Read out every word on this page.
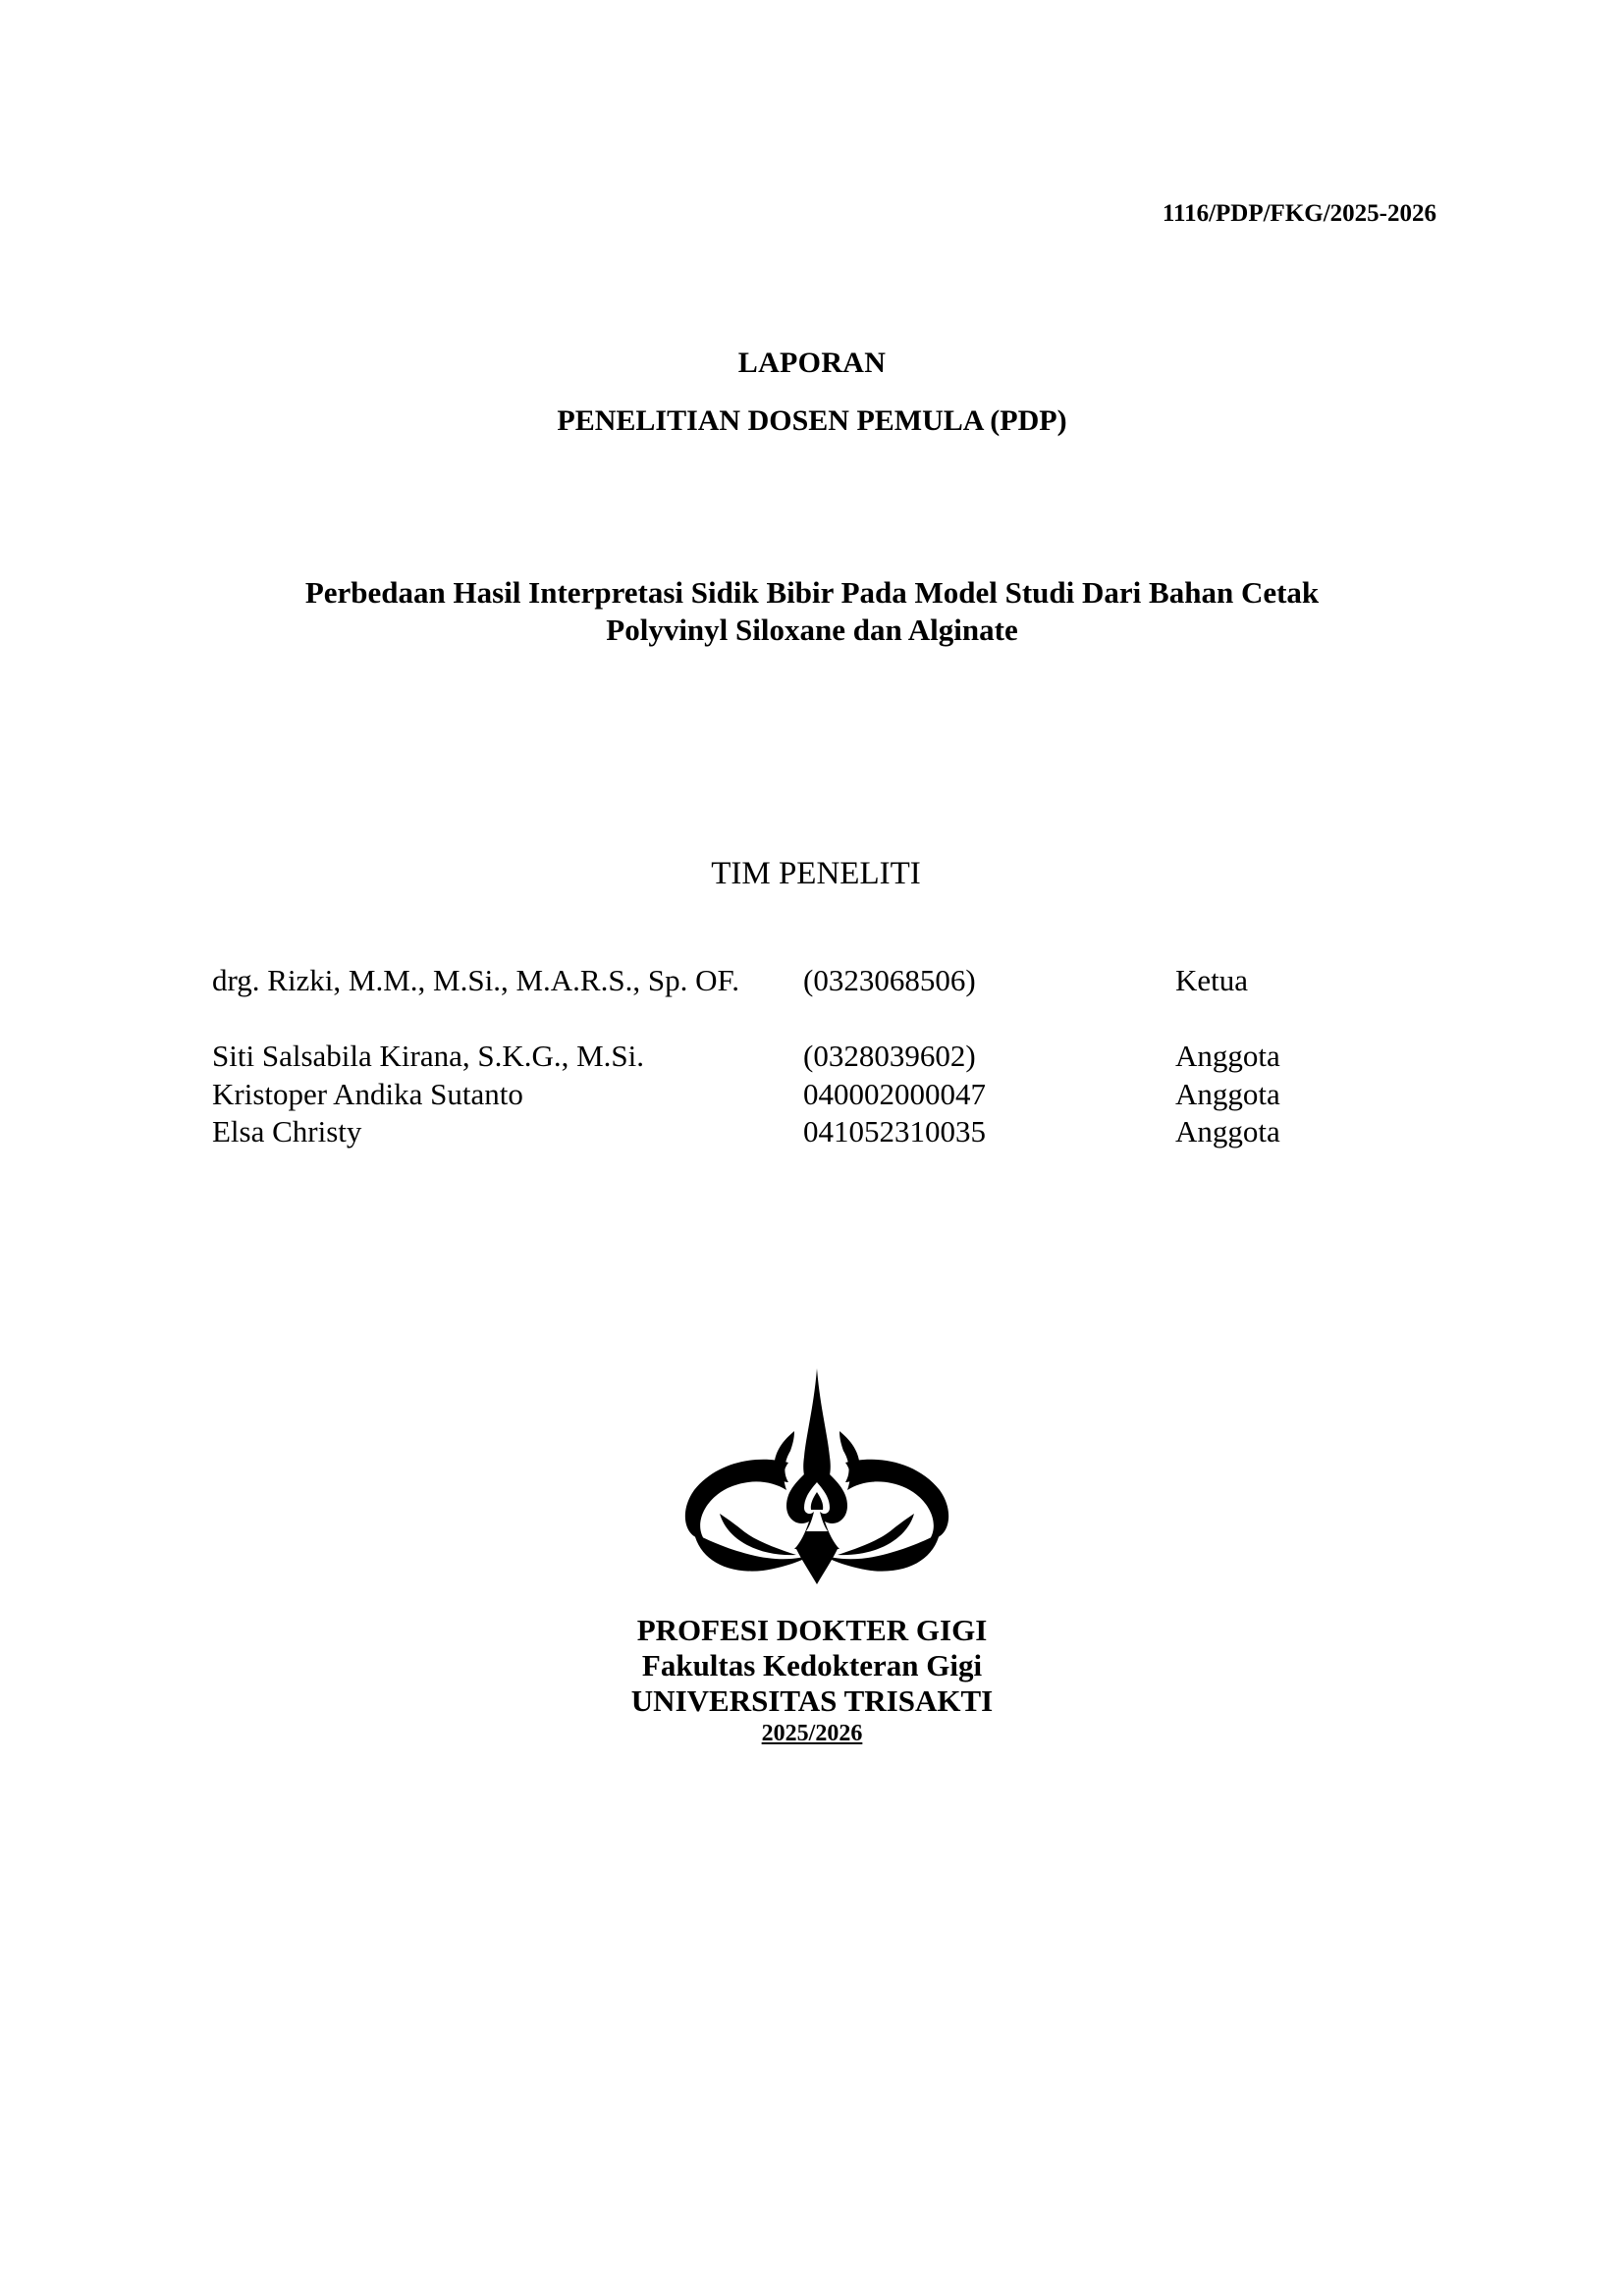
1116/PDP/FKG/2025-2026
LAPORAN
PENELITIAN DOSEN PEMULA (PDP)
Perbedaan Hasil Interpretasi Sidik Bibir Pada Model Studi Dari Bahan Cetak
Polyvinyl Siloxane dan Alginate
TIM PENELITI
drg. Rizki, M.M., M.Si., M.A.R.S., Sp. OF. (0323068506)	Ketua
Siti Salsabila Kirana, S.K.G., M.Si.	(0328039602)	Anggota
Kristoper Andika Sutanto	040002000047	Anggota
Elsa Christy	041052310035	Anggota
PROFESI DOKTER GIGI
Fakultas Kedokteran Gigi
UNIVERSITAS TRISAKTI
2025/2026
